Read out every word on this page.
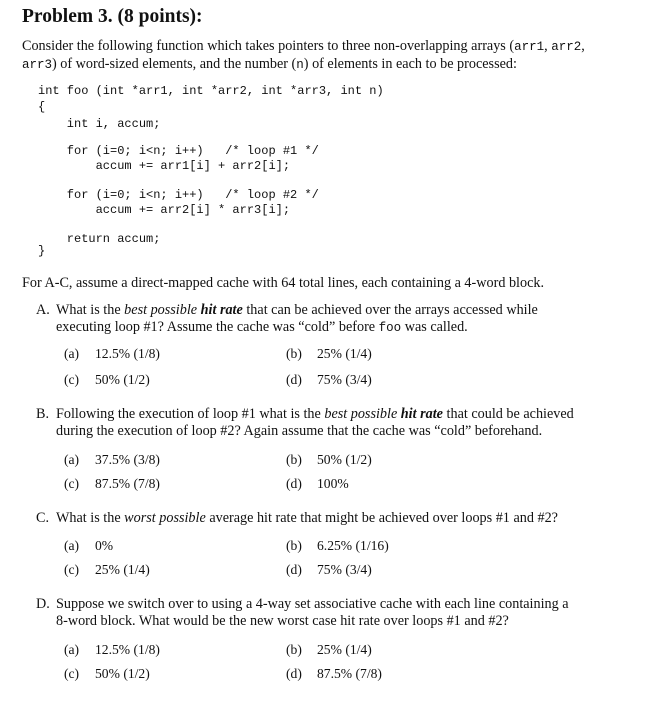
Problem 3. (8 points):
Consider the following function which takes pointers to three non-overlapping arrays (arr1, arr2,
arr3) of word-sized elements, and the number (n) of elements in each to be processed:
int foo (int *arr1, int *arr2, int *arr3, int n)
{
int i, accum;
for (i=0; i<n; i++)   /* loop #1 */
accum += arr1[i] + arr2[i];
for (i=0; i<n; i++)   /* loop #2 */
accum += arr2[i] * arr3[i];
return accum;
}
For A-C, assume a direct-mapped cache with 64 total lines, each containing a 4-word block.
A. What is the best possible hit rate that can be achieved over the arrays accessed while
executing loop #1? Assume the cache was “cold” before foo was called.
(a) 12.5% (1/8)	(b) 25% (1/4)
(c) 50% (1/2)	(d) 75% (3/4)
B. Following the execution of loop #1 what is the best possible hit rate that could be achieved
during the execution of loop #2? Again assume that the cache was “cold” beforehand.
(a) 37.5% (3/8)	(b) 50% (1/2)
(c) 87.5% (7/8)	(d) 100%
C. What is the worst possible average hit rate that might be achieved over loops #1 and #2?
(a) 0%	(b) 6.25% (1/16)
(c) 25% (1/4)	(d) 75% (3/4)
D. Suppose we switch over to using a 4-way set associative cache with each line containing a
8-word block. What would be the new worst case hit rate over loops #1 and #2?
(a) 12.5% (1/8)	(b) 25% (1/4)
(c) 50% (1/2)	(d) 87.5% (7/8)
